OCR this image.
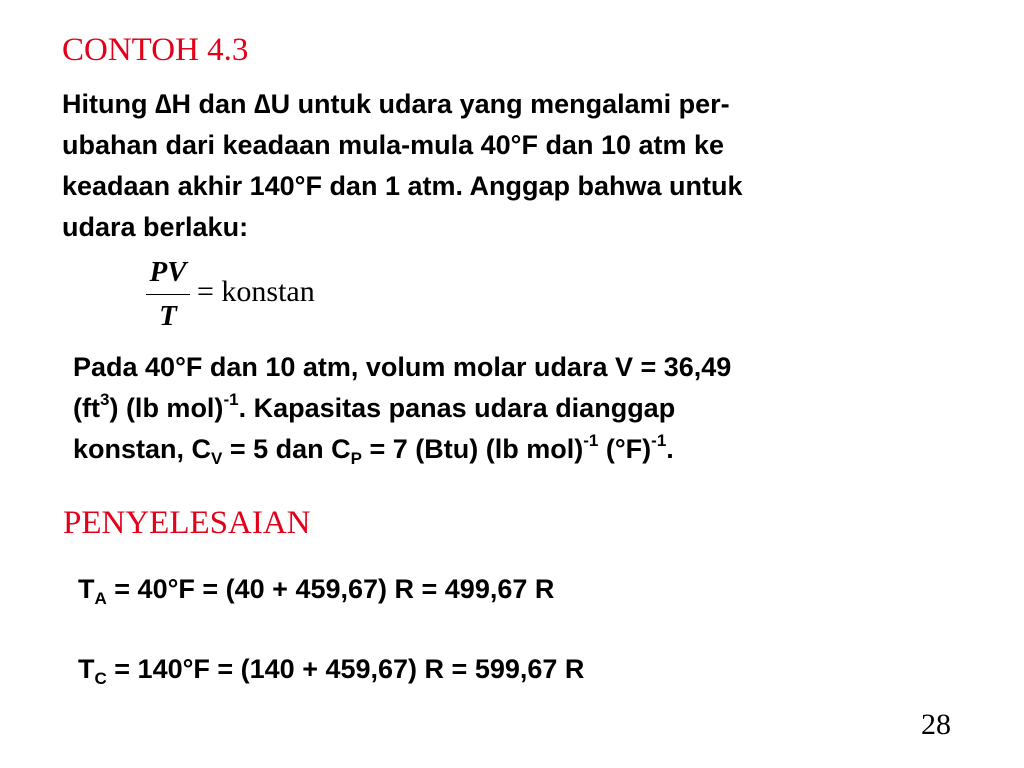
CONTOH 4.3
Hitung ∆H dan ∆U untuk udara yang mengalami per-
ubahan dari keadaan mula-mula 40°F dan 10 atm ke
keadaan akhir 140°F dan 1 atm. Anggap bahwa untuk
udara berlaku:
PV
T
= konstan
Pada 40°F dan 10 atm, volum molar udara V = 36,49
$(ft^3)$ (lb mol)$^{-1}$. Kapasitas panas udara dianggap
konstan, $C_V = 5$ dan $C_P = 7$ (Btu) (lb mol)$^{-1}$ $(^\circ F)^{-1}$.
PENYELESAIAN
$T_A = 40^\circ F = (40 + 459,67) R = 499,67$ R
$T_C = 140^\circ F = (140 + 459,67) R = 599,67$ R
28
